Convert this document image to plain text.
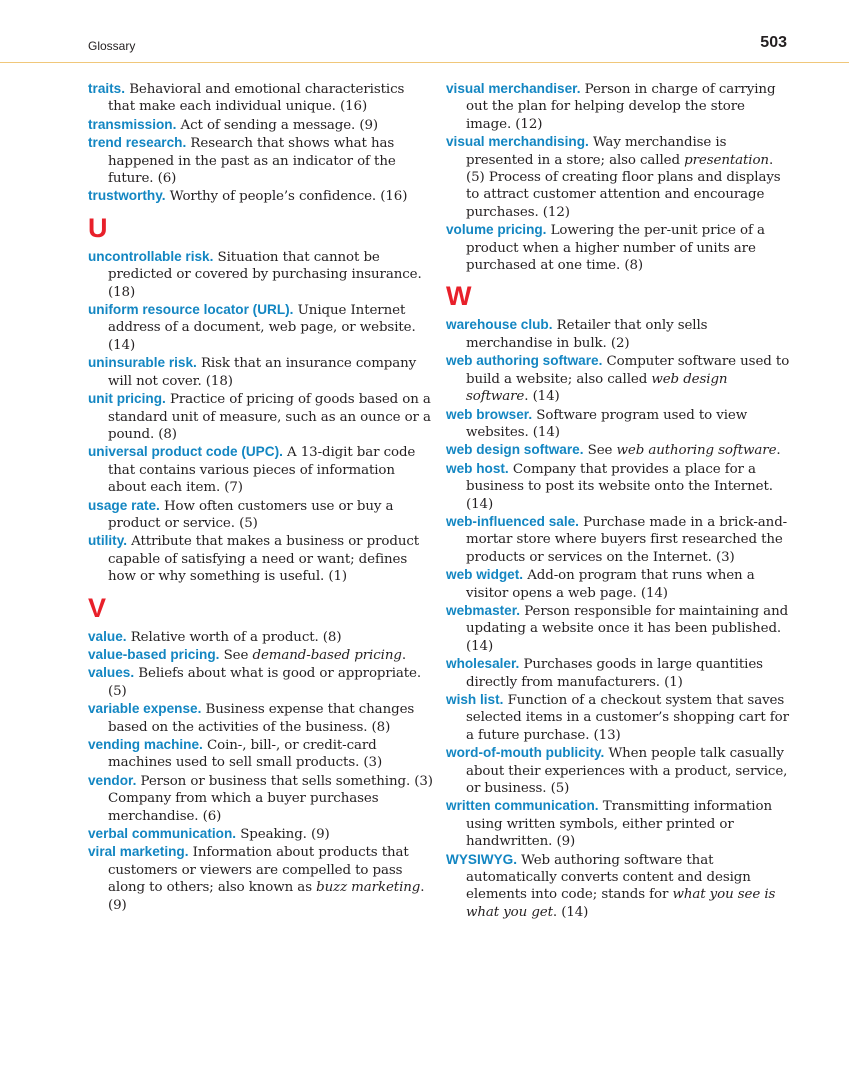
Glossary	503

traits. Behavioral and emotional characteristics that make each individual unique. (16)

transmission. Act of sending a message. (9)

trend research. Research that shows what has happened in the past as an indicator of the future. (6)

trustworthy. Worthy of people’s confidence. (16)

U

uncontrollable risk. Situation that cannot be predicted or covered by purchasing insurance. (18)

uniform resource locator (URL). Unique Internet address of a document, web page, or website. (14)

uninsurable risk. Risk that an insurance company will not cover. (18)

unit pricing. Practice of pricing of goods based on a standard unit of measure, such as an ounce or a pound. (8)

universal product code (UPC). A 13-digit bar code that contains various pieces of information about each item. (7)

usage rate. How often customers use or buy a product or service. (5)

utility. Attribute that makes a business or product capable of satisfying a need or want; defines how or why something is useful. (1)

V

value. Relative worth of a product. (8)

value-based pricing. See demand-based pricing.

values. Beliefs about what is good or appropriate. (5)

variable expense. Business expense that changes based on the activities of the business. (8)

vending machine. Coin-, bill-, or credit-card machines used to sell small products. (3)

vendor. Person or business that sells something. (3) Company from which a buyer purchases merchandise. (6)

verbal communication. Speaking. (9)

viral marketing. Information about products that customers or viewers are compelled to pass along to others; also known as buzz marketing. (9)

visual merchandiser. Person in charge of carrying out the plan for helping develop the store image. (12)

visual merchandising. Way merchandise is presented in a store; also called presentation. (5) Process of creating floor plans and displays to attract customer attention and encourage purchases. (12)

volume pricing. Lowering the per-unit price of a product when a higher number of units are purchased at one time. (8)

W

warehouse club. Retailer that only sells merchandise in bulk. (2)

web authoring software. Computer software used to build a website; also called web design software. (14)

web browser. Software program used to view websites. (14)

web design software. See web authoring software.

web host. Company that provides a place for a business to post its website onto the Internet. (14)

web-influenced sale. Purchase made in a brick-and-mortar store where buyers first researched the products or services on the Internet. (3)

web widget. Add-on program that runs when a visitor opens a web page. (14)

webmaster. Person responsible for maintaining and updating a website once it has been published. (14)

wholesaler. Purchases goods in large quantities directly from manufacturers. (1)

wish list. Function of a checkout system that saves selected items in a customer’s shopping cart for a future purchase. (13)

word-of-mouth publicity. When people talk casually about their experiences with a product, service, or business. (5)

written communication. Transmitting information using written symbols, either printed or handwritten. (9)

WYSIWYG. Web authoring software that automatically converts content and design elements into code; stands for what you see is what you get. (14)
